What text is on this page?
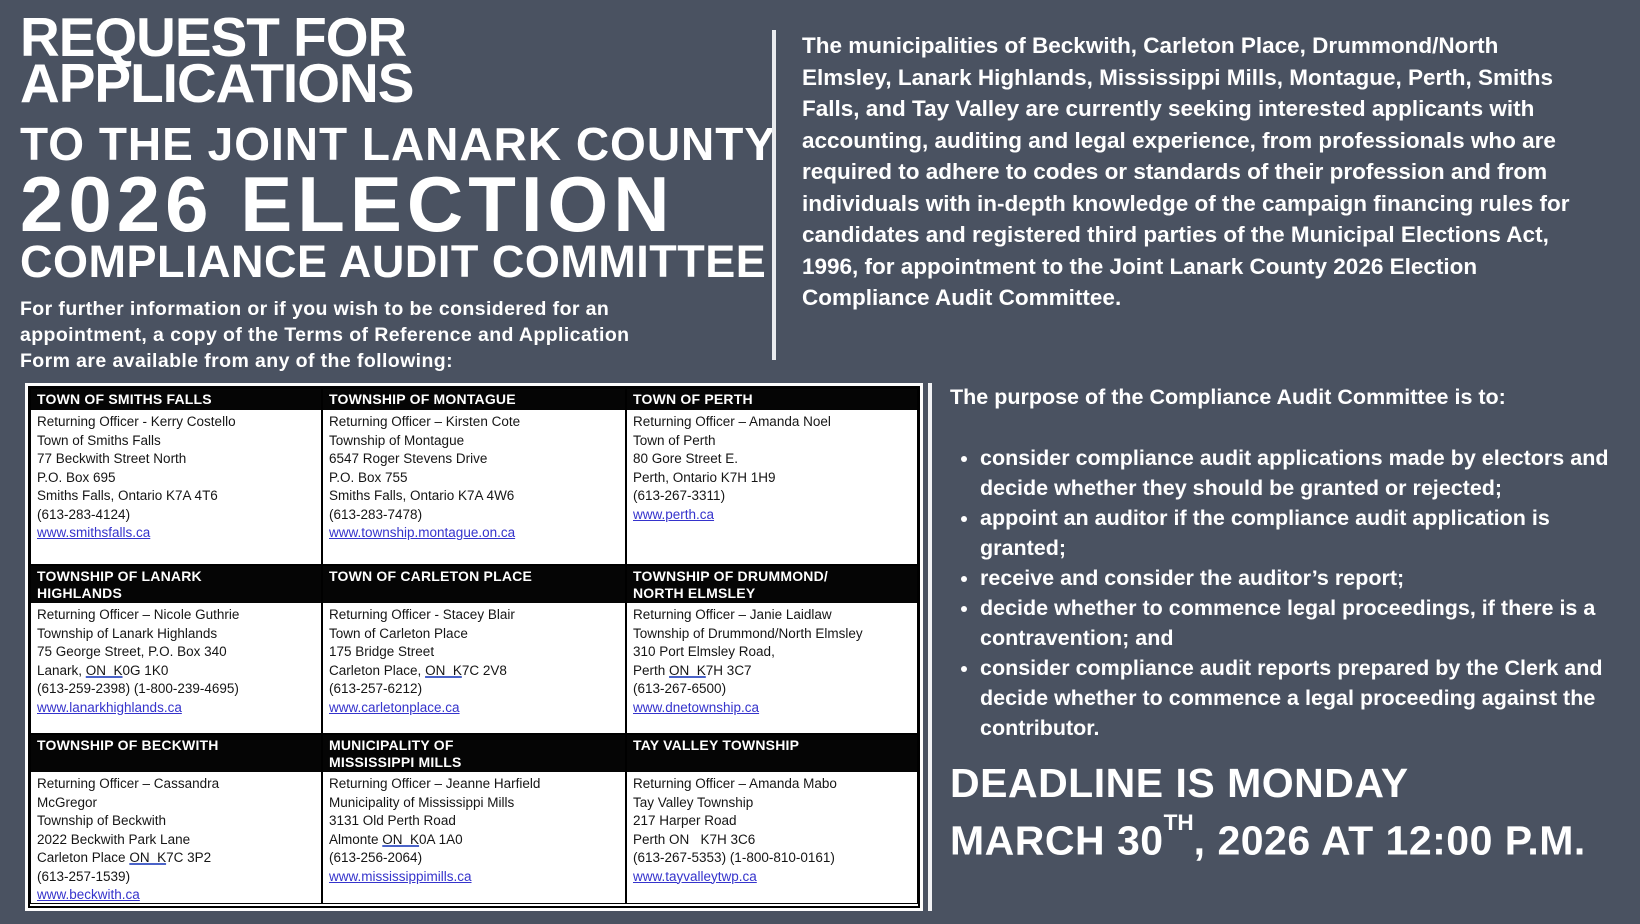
REQUEST FOR
APPLICATIONS
TO THE JOINT LANARK COUNTY
2026 ELECTION
COMPLIANCE AUDIT COMMITTEE
For further information or if you wish to be considered for an appointment, a copy of the Terms of Reference and Application Form are available from any of the following:
The municipalities of Beckwith, Carleton Place, Drummond/North Elmsley, Lanark Highlands, Mississippi Mills, Montague, Perth, Smiths Falls, and Tay Valley are currently seeking interested applicants with accounting, auditing and legal experience, from professionals who are required to adhere to codes or standards of their profession and from individuals with in-depth knowledge of the campaign financing rules for candidates and registered third parties of the Municipal Elections Act, 1996, for appointment to the Joint Lanark County 2026 Election Compliance Audit Committee.
TOWN OF SMITHS FALLS
Returning Officer - Kerry Costello
Town of Smiths Falls
77 Beckwith Street North
P.O. Box 695
Smiths Falls, Ontario K7A 4T6
(613-283-4124)
www.smithsfalls.ca
TOWNSHIP OF MONTAGUE
Returning Officer – Kirsten Cote
Township of Montague
6547 Roger Stevens Drive
P.O. Box 755
Smiths Falls, Ontario K7A 4W6
(613-283-7478)
www.township.montague.on.ca
TOWN OF PERTH
Returning Officer – Amanda Noel
Town of Perth
80 Gore Street E.
Perth, Ontario K7H 1H9
(613-267-3311)
www.perth.ca
TOWNSHIP OF LANARK
HIGHLANDS
Returning Officer – Nicole Guthrie
Township of Lanark Highlands
75 George Street, P.O. Box 340
Lanark, ON  K0G 1K0
(613-259-2398) (1-800-239-4695)
www.lanarkhighlands.ca
TOWN OF CARLETON PLACE
Returning Officer - Stacey Blair
Town of Carleton Place
175 Bridge Street
Carleton Place, ON  K7C 2V8
(613-257-6212)
www.carletonplace.ca
TOWNSHIP OF DRUMMOND/
NORTH ELMSLEY
Returning Officer – Janie Laidlaw
Township of Drummond/North Elmsley
310 Port Elmsley Road,
Perth ON  K7H 3C7
(613-267-6500)
www.dnetownship.ca
TOWNSHIP OF BECKWITH
Returning Officer – Cassandra
McGregor
Township of Beckwith
2022 Beckwith Park Lane
Carleton Place ON  K7C 3P2
(613-257-1539)
www.beckwith.ca
MUNICIPALITY OF
MISSISSIPPI MILLS
Returning Officer – Jeanne Harfield
Municipality of Mississippi Mills
3131 Old Perth Road
Almonte ON  K0A 1A0
(613-256-2064)
www.mississippimills.ca
TAY VALLEY TOWNSHIP
Returning Officer – Amanda Mabo
Tay Valley Township
217 Harper Road
Perth ON   K7H 3C6
(613-267-5353) (1-800-810-0161)
www.tayvalleytwp.ca
The purpose of the Compliance Audit Committee is to:
• consider compliance audit applications made by electors and decide whether they should be granted or rejected;
• appoint an auditor if the compliance audit application is granted;
• receive and consider the auditor’s report;
• decide whether to commence legal proceedings, if there is a contravention; and
• consider compliance audit reports prepared by the Clerk and decide whether to commence a legal proceeding against the contributor.
DEADLINE IS MONDAY
MARCH 30TH, 2026 AT 12:00 P.M.
